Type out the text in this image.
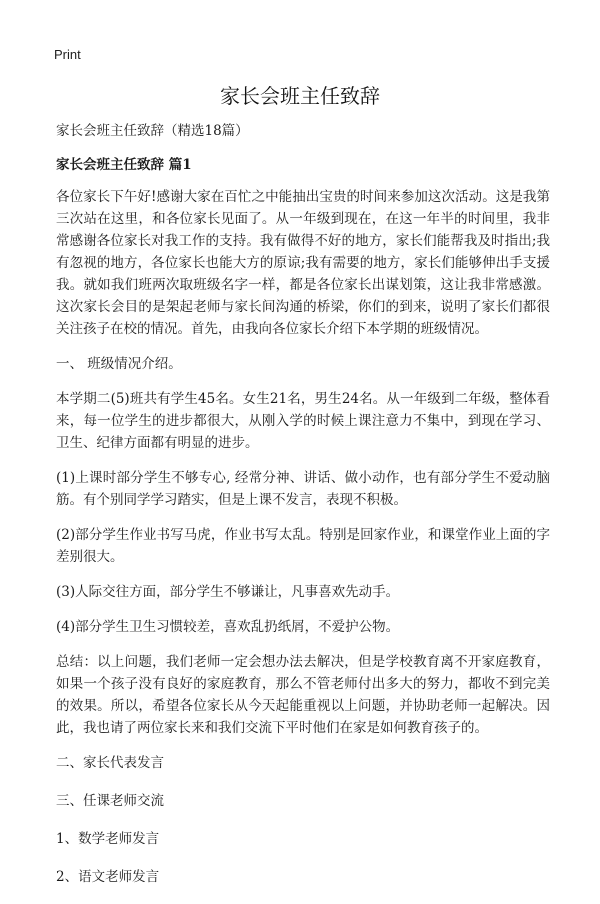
Print
家长会班主任致辞

家长会班主任致辞（精选18篇）

家长会班主任致辞 篇1

各位家长下午好!感谢大家在百忙之中能抽出宝贵的时间来参加这次活动。这是我第三次站在这里，和各位家长见面了。从一年级到现在，在这一年半的时间里，我非常感谢各位家长对我工作的支持。我有做得不好的地方，家长们能帮我及时指出;我有忽视的地方，各位家长也能大方的原谅;我有需要的地方，家长们能够伸出手支援我。就如我们班两次取班级名字一样，都是各位家长出谋划策，这让我非常感激。这次家长会目的是架起老师与家长间沟通的桥梁，你们的到来，说明了家长们都很关注孩子在校的情况。首先，由我向各位家长介绍下本学期的班级情况。

一、 班级情况介绍。

本学期二(5)班共有学生45名。女生21名，男生24名。从一年级到二年级，整体看来，每一位学生的进步都很大，从刚入学的时候上课注意力不集中，到现在学习、卫生、纪律方面都有明显的进步。

(1)上课时部分学生不够专心, 经常分神、讲话、做小动作，也有部分学生不爱动脑筋。有个别同学学习踏实，但是上课不发言，表现不积极。

(2)部分学生作业书写马虎，作业书写太乱。特别是回家作业，和课堂作业上面的字差别很大。

(3)人际交往方面，部分学生不够谦让，凡事喜欢先动手。

(4)部分学生卫生习惯较差，喜欢乱扔纸屑，不爱护公物。

总结：以上问题，我们老师一定会想办法去解决，但是学校教育离不开家庭教育，如果一个孩子没有良好的家庭教育，那么不管老师付出多大的努力，都收不到完美的效果。所以，希望各位家长从今天起能重视以上问题，并协助老师一起解决。因此，我也请了两位家长来和我们交流下平时他们在家是如何教育孩子的。

二、家长代表发言

三、任课老师交流

1、数学老师发言

2、语文老师发言
